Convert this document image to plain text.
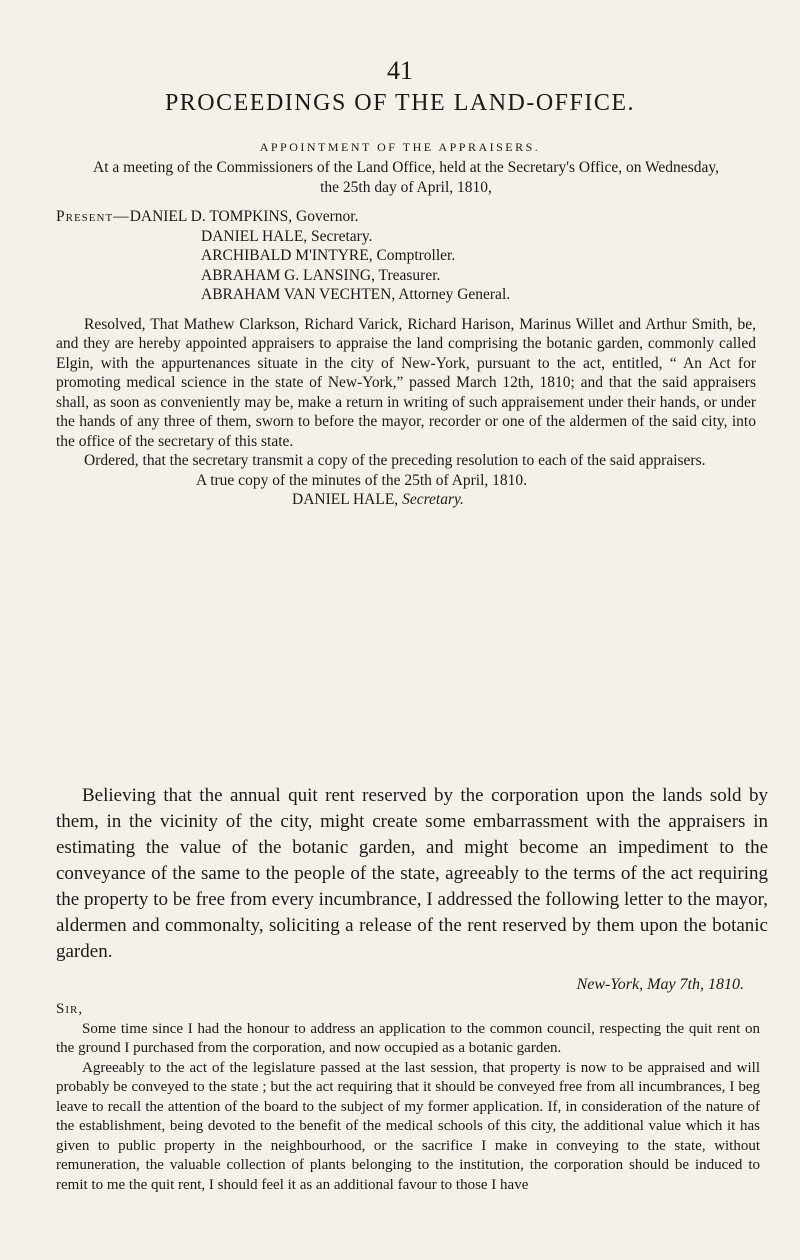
41
PROCEEDINGS OF THE LAND-OFFICE.
APPOINTMENT OF THE APPRAISERS.

At a meeting of the Commissioners of the Land Office, held at the Secretary's Office, on Wednesday, the 25th day of April, 1810,

Present—DANIEL D. TOMPKINS, Governor.

DANIEL HALE, Secretary.

ARCHIBALD M'INTYRE, Comptroller.

ABRAHAM G. LANSING, Treasurer.

ABRAHAM VAN VECHTEN, Attorney General.

Resolved, That Mathew Clarkson, Richard Varick, Richard Harison, Marinus Willet and Arthur Smith, be, and they are hereby appointed appraisers to appraise the land comprising the botanic garden, commonly called Elgin, with the appurtenances situate in the city of New-York, pursuant to the act, entitled, “ An Act for promoting medical science in the state of New-York,” passed March 12th, 1810; and that the said appraisers shall, as soon as conveniently may be, make a return in writing of such appraisement under their hands, or under the hands of any three of them, sworn to before the mayor, recorder or one of the aldermen of the said city, into the office of the secretary of this state.

Ordered, that the secretary transmit a copy of the preceding resolution to each of the said appraisers.

A true copy of the minutes of the 25th of April, 1810.

DANIEL HALE, Secretary.

Believing that the annual quit rent reserved by the corporation upon the lands sold by them, in the vicinity of the city, might create some embarrassment with the appraisers in estimating the value of the botanic garden, and might become an impediment to the conveyance of the same to the people of the state, agreeably to the terms of the act requiring the property to be free from every incumbrance, I addressed the following letter to the mayor, aldermen and commonalty, soliciting a release of the rent reserved by them upon the botanic garden.

New-York, May 7th, 1810.

Sir,

Some time since I had the honour to address an application to the common council, respecting the quit rent on the ground I purchased from the corporation, and now occupied as a botanic garden.

Agreeably to the act of the legislature passed at the last session, that property is now to be appraised and will probably be conveyed to the state ; but the act requiring that it should be conveyed free from all incumbrances, I beg leave to recall the attention of the board to the subject of my former application. If, in consideration of the nature of the establishment, being devoted to the benefit of the medical schools of this city, the additional value which it has given to public property in the neighbourhood, or the sacrifice I make in conveying to the state, without remuneration, the valuable collection of plants belonging to the institution, the corporation should be induced to remit to me the quit rent, I should feel it as an additional favour to those I have
